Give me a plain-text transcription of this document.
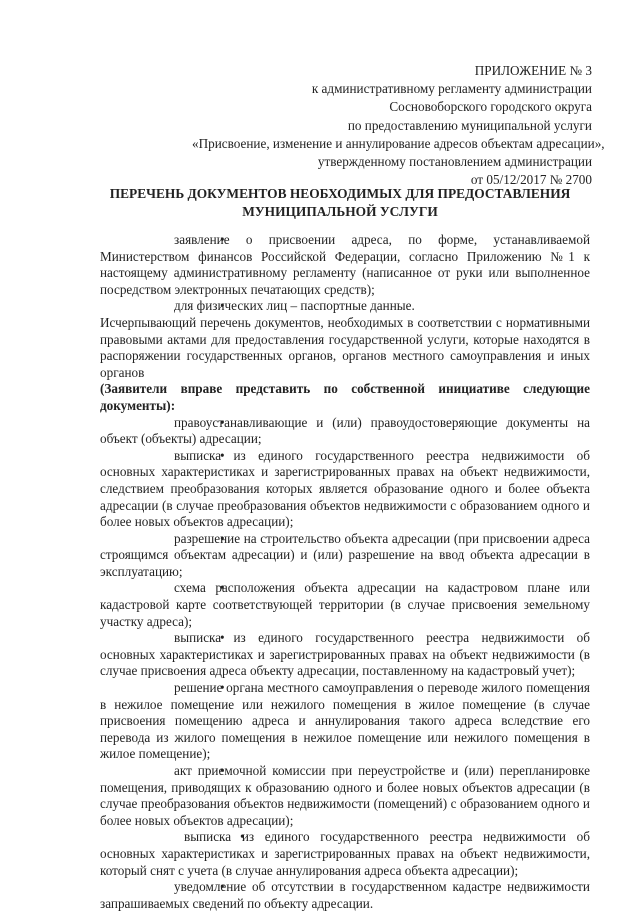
ПРИЛОЖЕНИЕ № 3
к административному регламенту администрации
Сосновоборского городского округа
по предоставлению муниципальной услуги
«Присвоение, изменение и аннулирование адресов объектам адресации»,
утвержденному постановлением администрации
от 05/12/2017 № 2700
ПЕРЕЧЕНЬ ДОКУМЕНТОВ НЕОБХОДИМЫХ ДЛЯ ПРЕДОСТАВЛЕНИЯ
МУНИЦИПАЛЬНОЙ УСЛУГИ

• заявление о присвоении адреса, по форме, устанавливаемой Министерством финансов Российской Федерации, согласно Приложению №1 к настоящему административному регламенту (написанное от руки или выполненное посредством электронных печатающих средств);

• для физических лиц – паспортные данные.

Исчерпывающий перечень документов, необходимых в соответствии с нормативными правовыми актами для предоставления государственной услуги, которые находятся в распоряжении государственных органов, органов местного самоуправления и иных органов

(Заявители вправе представить по собственной инициативе следующие документы):

• правоустанавливающие и (или) правоудостоверяющие документы на объект (объекты) адресации;

• выписка из единого государственного реестра недвижимости об основных характеристиках и зарегистрированных правах на объект недвижимости, следствием преобразования которых является образование одного и более объекта адресации (в случае преобразования объектов недвижимости с образованием одного и более новых объектов адресации);

• разрешение на строительство объекта адресации (при присвоении адреса строящимся объектам адресации) и (или) разрешение на ввод объекта адресации в эксплуатацию;

• схема расположения объекта адресации на кадастровом плане или кадастровой карте соответствующей территории (в случае присвоения земельному участку адреса);

• выписка из единого государственного реестра недвижимости об основных характеристиках и зарегистрированных правах на объект недвижимости (в случае присвоения адреса объекту адресации, поставленному на кадастровый учет);

• решение органа местного самоуправления о переводе жилого помещения в нежилое помещение или нежилого помещения в жилое помещение (в случае присвоения помещению адреса и аннулирования такого адреса вследствие его перевода из жилого помещения в нежилое помещение или нежилого помещения в жилое помещение);

• акт приемочной комиссии при переустройстве и (или) перепланировке помещения, приводящих к образованию одного и более новых объектов адресации (в случае преобразования объектов недвижимости (помещений) с образованием одного и более новых объектов адресации);

• выписка из единого государственного реестра недвижимости об основных характеристиках и зарегистрированных правах на объект недвижимости, который снят с учета (в случае аннулирования адреса объекта адресации);

• уведомление об отсутствии в государственном кадастре недвижимости запрашиваемых сведений по объекту адресации.
